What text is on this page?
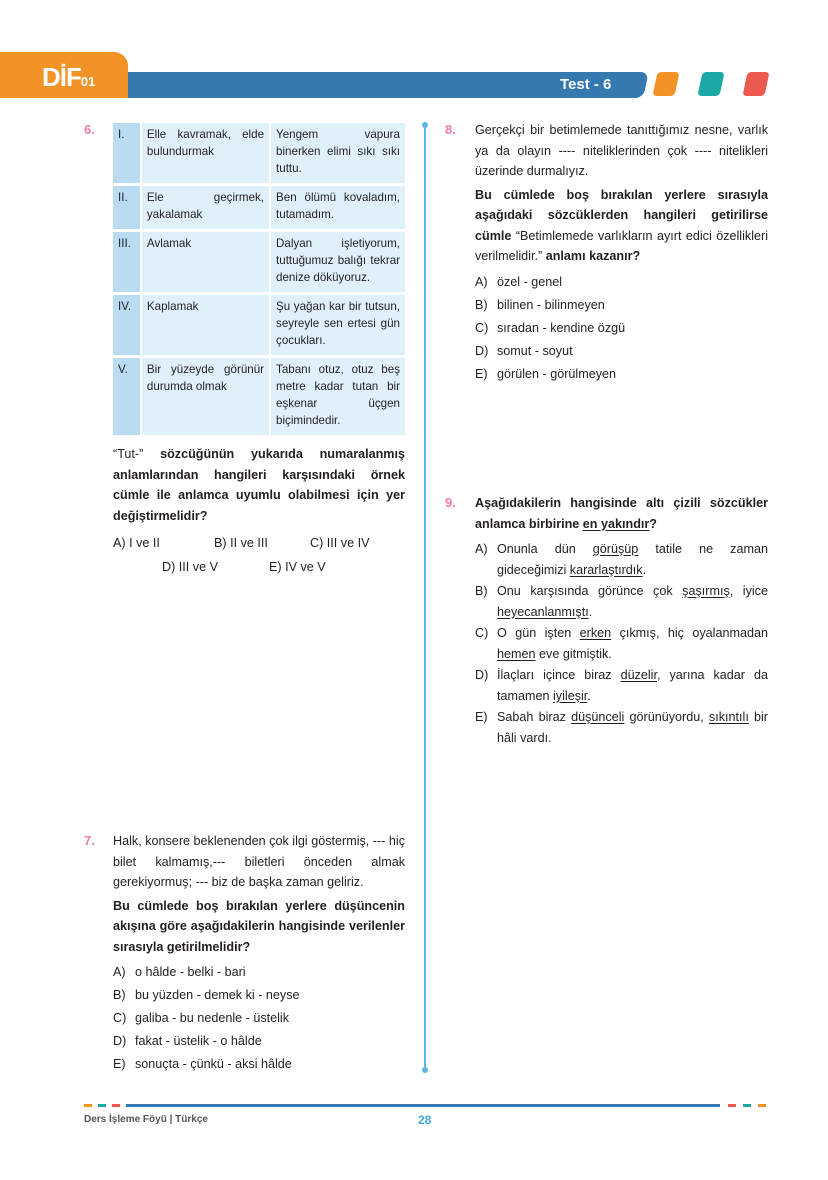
DİF01	Test - 6
6. I.	Elle kavramak, elde bulundurmak	Yengem vapura binerken elimi sıkı sıkı tuttu.
II.	Ele geçirmek, yakalamak	Ben ölümü kovaladım, tutamadım.
III.	Avlamak	Dalyan işletiyorum, tuttuğumuz balığı tekrar denize döküyoruz.
IV.	Kaplamak	Şu yağan kar bir tutsun, seyreyle sen ertesi gün çocukları.
V.	Bir yüzeyde görünür durumda olmak	Tabanı otuz, otuz beş metre kadar tutan bir eşkenar üçgen biçimindedir.
“Tut-” sözcüğünün yukarıda numaralanmış anlamlarından hangileri karşısındaki örnek cümle ile anlamca uyumlu olabilmesi için yer değiştirmelidir?
A) I ve II	B) II ve III	C) III ve IV
D) III ve V	E) IV ve V
7. Halk, konsere beklenenden çok ilgi göstermiş, --- hiç bilet kalmamış,--- biletleri önceden almak gerekiyormuş; --- biz de başka zaman geliriz.
Bu cümlede boş bırakılan yerlere düşüncenin akışına göre aşağıdakilerin hangisinde verilenler sırasıyla getirilmelidir?
A) o hâlde - belki - bari
B) bu yüzden - demek ki - neyse
C) galiba - bu nedenle - üstelik
D) fakat - üstelik - o hâlde
E) sonuçta - çünkü - aksi hâlde
8. Gerçekçi bir betimlemede tanıttığımız nesne, varlık ya da olayın ---- niteliklerinden çok ---- nitelikleri üzerinde durmalıyız.
Bu cümlede boş bırakılan yerlere sırasıyla aşağıdaki sözcüklerden hangileri getirilirse cümle “Betimlemede varlıkların ayırt edici özellikleri verilmelidir.” anlamı kazanır?
A) özel - genel
B) bilinen - bilinmeyen
C) sıradan - kendine özgü
D) somut - soyut
E) görülen - görülmeyen
9. Aşağıdakilerin hangisinde altı çizili sözcükler anlamca birbirine en yakındır?
A) Onunla dün görüşüp tatile ne zaman gideceğimizi kararlaştırdık.
B) Onu karşısında görünce çok şaşırmış, iyice heyecanlanmıştı.
C) O gün işten erken çıkmış, hiç oyalanmadan hemen eve gitmiştik.
D) İlaçları içince biraz düzelir, yarına kadar da tamamen iyileşir.
E) Sabah biraz düşünceli görünüyordu, sıkıntılı bir hâli vardı.
Ders İşleme Föyü | Türkçe	28
